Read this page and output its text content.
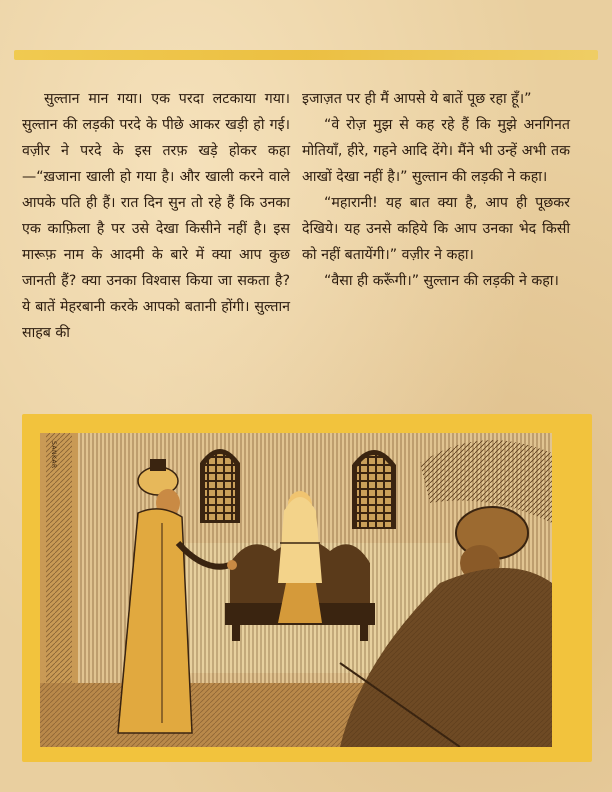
सुल्तान मान गया। एक परदा लटकाया गया। सुल्तान की लड़की परदे के पीछे आकर खड़ी हो गई। वज़ीर ने परदे के इस तरफ़ खड़े होकर कहा—“ख़जाना खाली हो गया है। और खाली करने वाले आपके पति ही हैं। रात दिन सुन तो रहे हैं कि उनका एक काफ़िला है पर उसे देखा किसीने नहीं है। इस मारूफ़ नाम के आदमी के बारे में क्या आप कुछ जानती हैं? क्या उनका विश्वास किया जा सकता है? ये बातें मेहरबानी करके आपको बतानी होंगी। सुल्तान साहब की

इजाज़त पर ही मैं आपसे ये बातें पूछ रहा हूँ।”

“वे रोज़ मुझ से कह रहे हैं कि मुझे अनगिनत मोतियाँ, हीरे, गहने आदि देंगे। मैंने भी उन्हें अभी तक आखों देखा नहीं है।” सुल्तान की लड़की ने कहा।

“महारानी! यह बात क्या है, आप ही पूछकर देखिये। यह उनसे कहिये कि आप उनका भेद किसी को नहीं बतायेंगी।” वज़ीर ने कहा।

“वैसा ही करूँगी।” सुल्तान की लड़की ने कहा।

SANKAR
